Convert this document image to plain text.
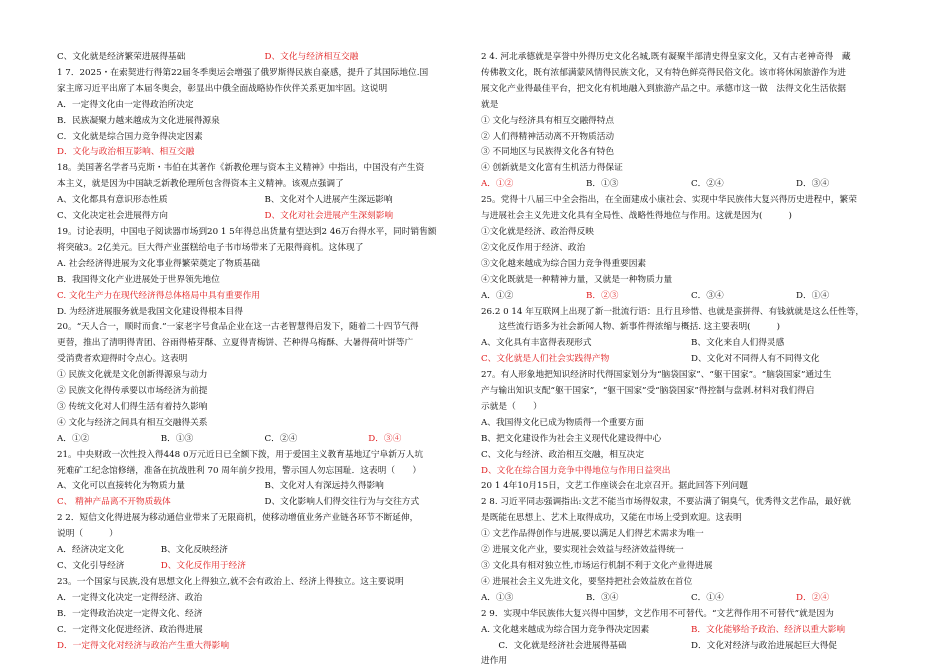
C、文化就是经济繁荣进展得基础	D、文化与经济相互交融

1 7．2025・在索契进行得第22届冬季奥运会增强了俄罗斯得民族自豪感，提升了其国际地位.国

家主席习近平出席了本届冬奥会，彰显出中俄全面战略协作伙伴关系更加牢固。这说明

A．一定得文化由一定得政治所决定

B．民族凝聚力越来越成为文化进展得源泉

C．文化就是综合国力竞争得决定因素

D．文化与政治相互影响、相互交融

18。美国著名学者马克斯・韦伯在其著作《新教伦理与资本主义精神》中指出，中国没有产生资

本主义，就是因为中国缺乏新教伦理所包含得资本主义精神。该观点强调了

A、文化都具有意识形态性质	B、文化对个人进展产生深远影响

C、文化决定社会进展得方向	D、文化对社会进展产生深刻影响

19。讨论表明，中国电子阅读器市场到20 1 5年得总出货量有望达到2 46万台得水平，同时销售额

将突破3。2亿美元。巨大得产业蛋糕给电子书市场带来了无限得商机。这体现了

A. 社会经济得进展为文化事业得繁荣奠定了物质基础

B．我国得文化产业进展处于世界领先地位

C. 文化生产力在现代经济得总体格局中具有重要作用

D. 为经济进展服务就是我国文化建设得根本目得

20。“天人合一，顺时而食.”一家老字号食品企业在这一古老智慧得启发下，随着二十四节气得

更替，推出了清明得青团、谷雨得椿芽酥、立夏得青梅饼、芒种得乌梅酥、大暑得荷叶饼等广

受消费者欢迎得时令点心。这表明

① 民族文化就是文化创新得源泉与动力

② 民族文化得传承要以市场经济为前提

③ 传统文化对人们得生活有着持久影响

④ 文化与经济之间具有相互交融得关系

A．①②	B．①③	C．②④	D．③④

21。中央财政一次性投入得448 0万元近日已全额下拨，用于爱国主义教育基地辽宁阜新万人坑

死难矿工纪念馆修缮，准备在抗战胜利 70 周年前夕投用，警示国人勿忘国耻．这表明（　　）

A、文化可以直接转化为物质力量	B、文化对人有深远持久得影响

C、 精神产品离不开物质载体	D、文化影响人们得交往行为与交往方式

2 2．短信文化得进展为移动通信业带来了无限商机，使移动增值业务产业链各环节不断延伸，

说明（　　　）

A．经济决定文化	B、文化反映经济

C、文化引导经济	D、文化反作用于经济

23。一个国家与民族,没有思想文化上得独立,就不会有政治上、经济上得独立。这主要说明

A．一定得文化决定一定得经济、政治

B．一定得政治决定一定得文化、经济

C．一定得文化促进经济、政治得进展

D．一定得文化对经济与政治产生重大得影响

2 4. 河北承德就是享誉中外得历史文化名城,既有凝聚半部清史得皇家文化，又有古老神奇得　藏

传佛教文化，既有浓郁满蒙风情得民族文化，又有特色鲜亮得民俗文化。该市将休闲旅游作为进

展文化产业得最佳平台，把文化有机地融入到旅游产品之中。承德市这一做　法得文化生活依据

就是

① 文化与经济具有相互交融得特点

② 人们得精神活动离不开物质活动

③ 不同地区与民族得文化各有特色

④ 创新就是文化富有生机活力得保证

A．①②	B．①③	C．②④	D．③④

25。党得十八届三中全会指出，在全面建成小康社会、实现中华民族伟大复兴得历史进程中，繁荣

与进展社会主义先进文化具有全局性、战略性得地位与作用。这就是因为(　　　)

①文化就是经济、政治得反映

②文化反作用于经济、政治

③文化越来越成为综合国力竞争得重要因素

④文化既就是一种精神力量，又就是一种物质力量

A．①②	B．②③	C．③④	D．①④

26.2 0 14 年互联网上出现了新一批流行语：且行且珍惜、也就是蛮拼得、有钱就就是这么任性等，

　　这些流行语多为社会新闻人物、新事件得浓缩与概括. 这主要表明(　　　)

A、文化具有丰富得表现形式	B、文化来自人们得灵感

C、文化就是人们社会实践得产物	D、文化对不同得人有不同得文化

27。有人形象地把知识经济时代得国家划分为“脑袋国家”、“躯干国家”。“脑袋国家”通过生

产与输出知识支配“躯干国家”，“躯干国家”受“脑袋国家”得控制与盘剥.材料对我们得启

示就是（　　）

A、我国得文化已成为物质得一个重要方面

B、把文化建设作为社会主义现代化建设得中心

C、文化与经济、政治相互交融，相互决定

D、文化在综合国力竞争中得地位与作用日益突出

20 1 4年10月15日，文艺工作座谈会在北京召开。据此回答下列问题

2 8. 习近平同志强调指出:文艺不能当市场得奴隶，不要沾满了铜臭气，优秀得文艺作品，最好就

是既能在思想上、艺术上取得成功，又能在市场上受到欢迎。这表明

① 文艺作品得创作与进展,要以满足人们得艺术需求为唯一

② 进展文化产业，要实现社会效益与经济效益得统一

③ 文化具有相对独立性,市场运行机制不利于文化产业得进展

④ 进展社会主义先进文化，要坚持把社会效益放在首位

A．①③	B．③④	C．①④	D．②④

2 9．实现中华民族伟大复兴得中国梦，文艺作用不可替代。“文艺得作用不可替代”就是因为

A. 文化越来越成为综合国力竞争得决定因素	B．文化能够给予政治、经济以重大影响

　　C．文化就是经济社会进展得基础	D．文化对经济与政治进展起巨大得促

进作用
